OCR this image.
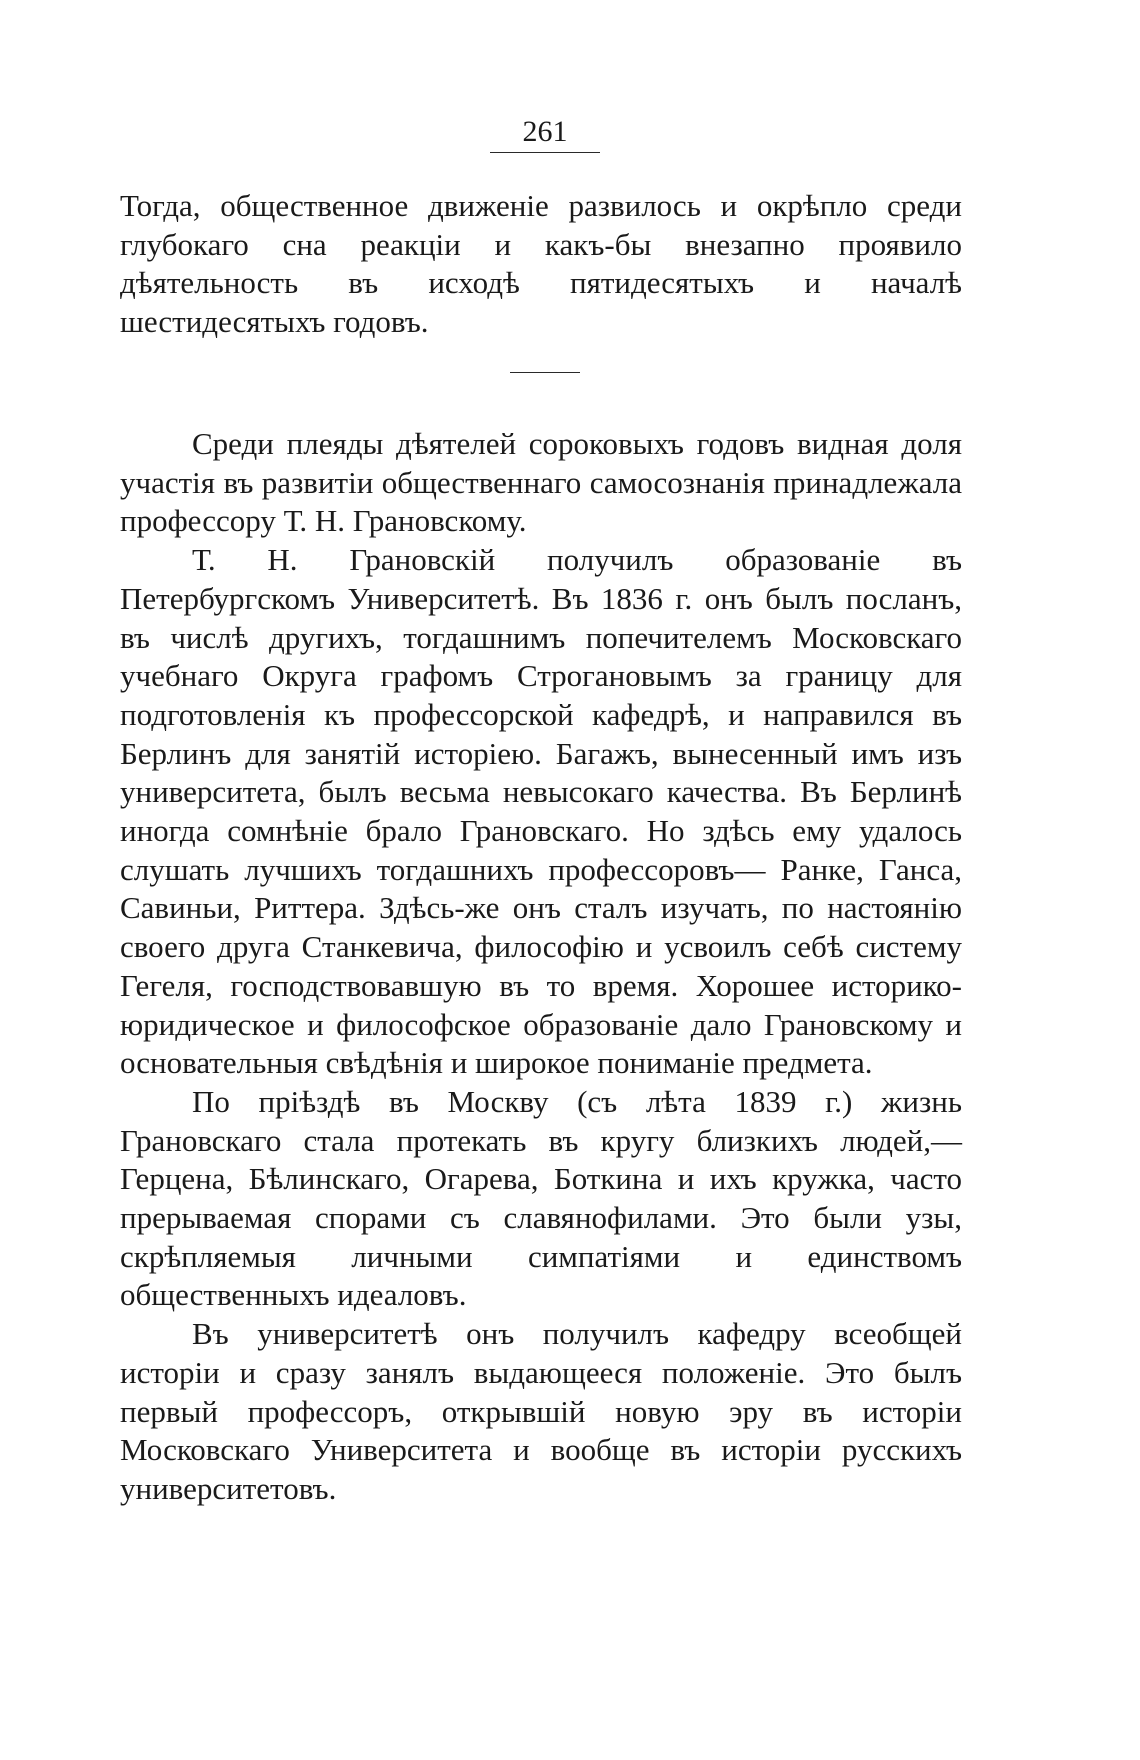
261

Тогда, общественное движенiе развилось и окрѣпло среди глубокаго сна реакцiи и какъ-бы внезапно проявило дѣятельность въ исходѣ пятидесятыхъ и началѣ шестидесятыхъ годовъ.

Среди плеяды дѣятелей сороковыхъ годовъ видная доля участiя въ развитiи общественнаго самосознанiя принадлежала профессору Т. Н. Грановскому.

Т. Н. Грановскiй получилъ образованiе въ Петербургскомъ Университетѣ. Въ 1836 г. онъ былъ посланъ, въ числѣ другихъ, тогдашнимъ попечителемъ Московскаго учебнаго Округа графомъ Строгановымъ за границу для подготовленiя къ профессорской кафедрѣ, и направился въ Берлинъ для занятiй исторiею. Багажъ, вынесенный имъ изъ университета, былъ весьма невысокаго качества. Въ Берлинѣ иногда сомнѣнiе брало Грановскаго. Но здѣсь ему удалось слушать лучшихъ тогдашнихъ профессоровъ— Ранке, Ганса, Савиньи, Риттера. Здѣсь-же онъ сталъ изучать, по настоянiю своего друга Станкевича, философiю и усвоилъ себѣ систему Гегеля, господствовавшую въ то время. Хорошее историко-юридическое и философское образованiе дало Грановскому и основательныя свѣдѣнiя и широкое пониманiе предмета.

По прiѣздѣ въ Москву (съ лѣта 1839 г.) жизнь Грановскаго стала протекать въ кругу близкихъ людей,—Герцена, Бѣлинскаго, Огарева, Боткина и ихъ кружка, часто прерываемая спорами съ славянофилами. Это были узы, скрѣпляемыя личными симпатiями и единствомъ общественныхъ идеаловъ.

Въ университетѣ онъ получилъ кафедру всеобщей исторiи и сразу занялъ выдающееся положенiе. Это былъ первый профессоръ, открывшiй новую эру въ исторiи Московскаго Университета и вообще въ исторiи русскихъ университетовъ.
